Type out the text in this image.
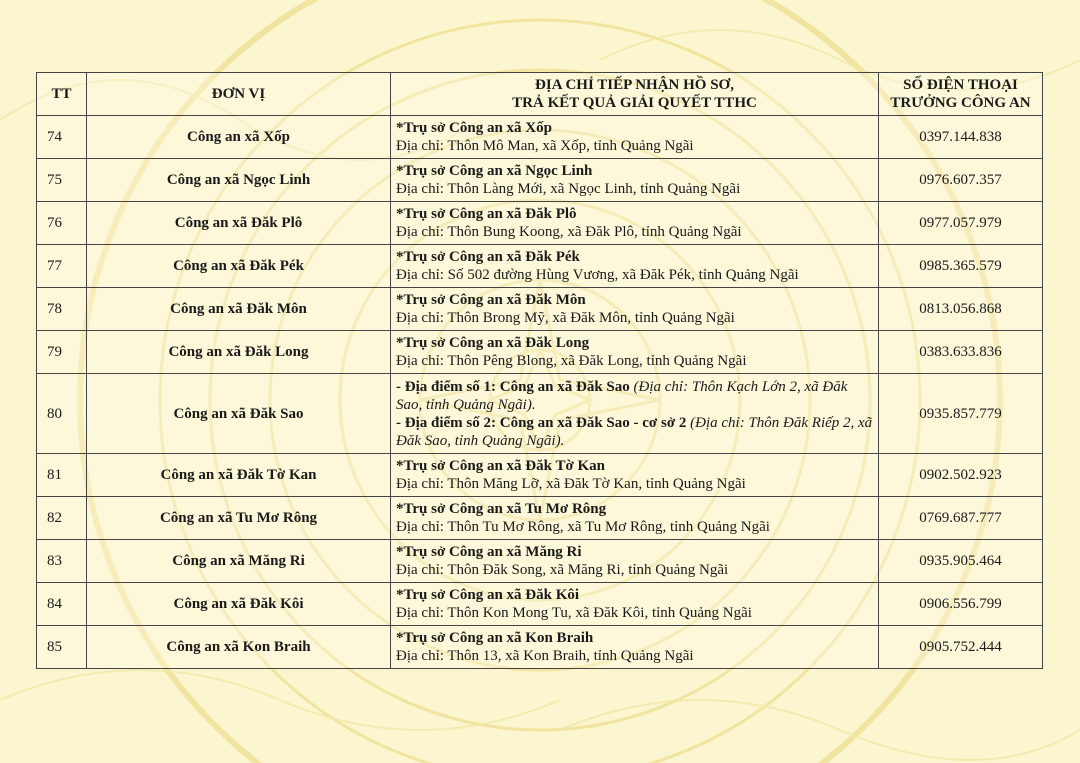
TT	ĐƠN VỊ	ĐỊA CHỈ TIẾP NHẬN HỒ SƠ,
TRẢ KẾT QUẢ GIẢI QUYẾT TTHC	SỐ ĐIỆN THOẠI
TRƯỞNG CÔNG AN

74	Công an xã Xốp	*Trụ sở Công an xã Xốp
Địa chỉ: Thôn Mô Man, xã Xốp, tỉnh Quảng Ngãi	0397.144.838
75	Công an xã Ngọc Linh	*Trụ sở Công an xã Ngọc Linh
Địa chỉ: Thôn Làng Mới, xã Ngọc Linh, tỉnh Quảng Ngãi	0976.607.357
76	Công an xã Đăk Plô	*Trụ sở Công an xã Đăk Plô
Địa chỉ: Thôn Bung Koong, xã Đăk Plô, tỉnh Quảng Ngãi	0977.057.979
77	Công an xã Đăk Pék	*Trụ sở Công an xã Đăk Pék
Địa chỉ: Số 502 đường Hùng Vương, xã Đăk Pék, tỉnh Quảng Ngãi	0985.365.579
78	Công an xã Đăk Môn	*Trụ sở Công an xã Đăk Môn
Địa chỉ: Thôn Brong Mỹ, xã Đăk Môn, tỉnh Quảng Ngãi	0813.056.868
79	Công an xã Đăk Long	*Trụ sở Công an xã Đăk Long
Địa chỉ: Thôn Pêng Blong, xã Đăk Long, tỉnh Quảng Ngãi	0383.633.836
80	Công an xã Đăk Sao	- Địa điểm số 1: Công an xã Đăk Sao (Địa chỉ: Thôn Kạch Lớn 2, xã Đăk Sao, tỉnh Quảng Ngãi).
- Địa điểm số 2: Công an xã Đăk Sao - cơ sở 2 (Địa chỉ: Thôn Đăk Riếp 2, xã Đăk Sao, tỉnh Quảng Ngãi).	0935.857.779
81	Công an xã Đăk Tờ Kan	*Trụ sở Công an xã Đăk Tờ Kan
Địa chỉ: Thôn Măng Lỡ, xã Đăk Tờ Kan, tỉnh Quảng Ngãi	0902.502.923
82	Công an xã Tu Mơ Rông	*Trụ sở Công an xã Tu Mơ Rông
Địa chỉ: Thôn Tu Mơ Rông, xã Tu Mơ Rông, tỉnh Quảng Ngãi	0769.687.777
83	Công an xã Măng Ri	*Trụ sở Công an xã Măng Ri
Địa chỉ: Thôn Đăk Song, xã Măng Ri, tỉnh Quảng Ngãi	0935.905.464
84	Công an xã Đăk Kôi	*Trụ sở Công an xã Đăk Kôi
Địa chỉ: Thôn Kon Mong Tu, xã Đăk Kôi, tỉnh Quảng Ngãi	0906.556.799
85	Công an xã Kon Braih	*Trụ sở Công an xã Kon Braih
Địa chỉ: Thôn 13, xã Kon Braih, tỉnh Quảng Ngãi	0905.752.444
